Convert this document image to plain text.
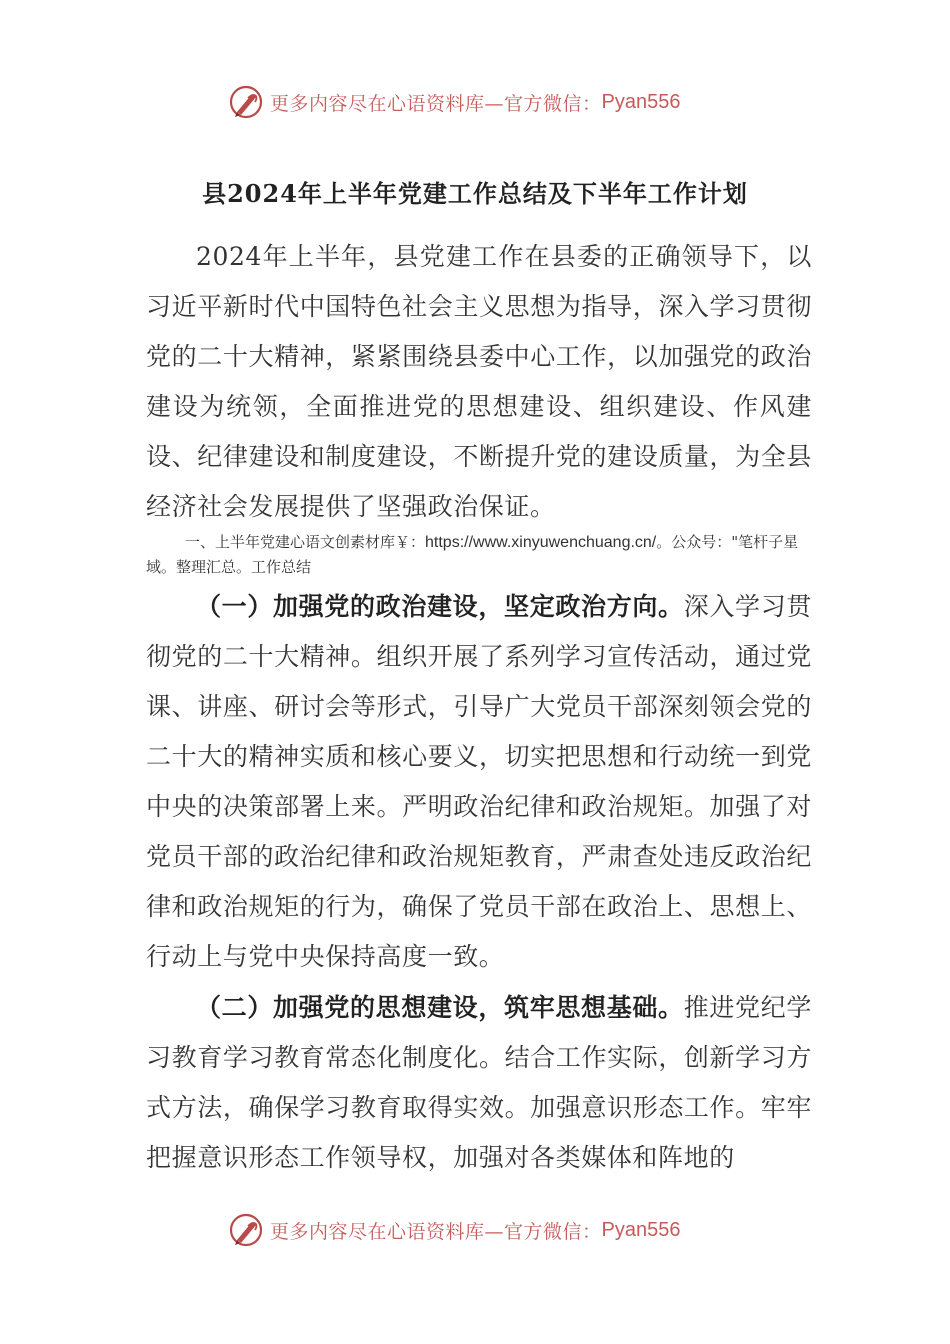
更多内容尽在心语资料库—官方微信： Pyan556
县2024年上半年党建工作总结及下半年工作计划

2024年上半年，县党建工作在县委的正确领导下，以习近平新时代中国特色社会主义思想为指导，深入学习贯彻党的二十大精神，紧紧围绕县委中心工作，以加强党的政治建设为统领，全面推进党的思想建设、组织建设、作风建设、纪律建设和制度建设，不断提升党的建设质量，为全县经济社会发展提供了坚强政治保证。

一、上半年党建心语文创素材库￥：https://www.xinyuwenchuang.cn/。公众号："笔杆子星域。整理汇总。工作总结

（一）加强党的政治建设，坚定政治方向。深入学习贯彻党的二十大精神。组织开展了系列学习宣传活动，通过党课、讲座、研讨会等形式，引导广大党员干部深刻领会党的二十大的精神实质和核心要义，切实把思想和行动统一到党中央的决策部署上来。严明政治纪律和政治规矩。加强了对党员干部的政治纪律和政治规矩教育，严肃查处违反政治纪律和政治规矩的行为，确保了党员干部在政治上、思想上、行动上与党中央保持高度一致。

（二）加强党的思想建设，筑牢思想基础。推进党纪学习教育学习教育常态化制度化。结合工作实际，创新学习方式方法，确保学习教育取得实效。加强意识形态工作。牢牢把握意识形态工作领导权，加强对各类媒体和阵地的

更多内容尽在心语资料库—官方微信： Pyan556
